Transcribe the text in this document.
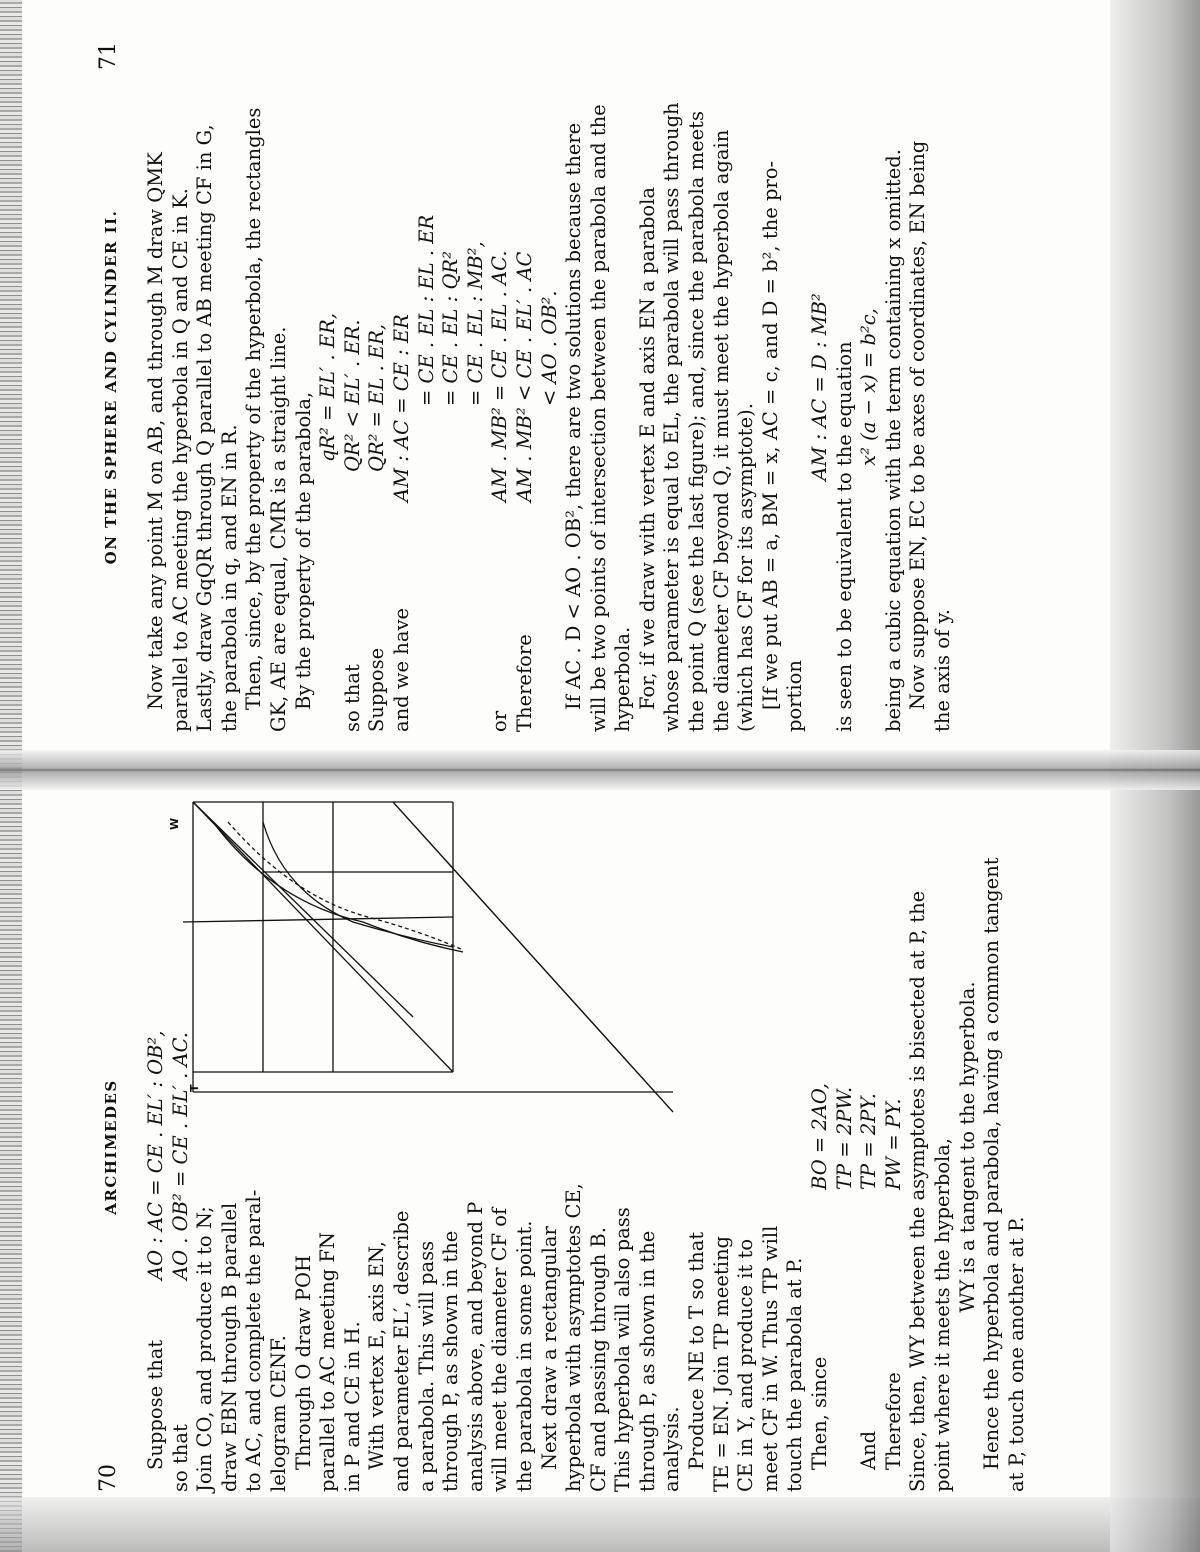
70
ARCHIMEDES
Suppose thatAO : AC = CE . EL′ : OB²,
so thatAO . OB² = CE . EL′ . AC.
Join CO, and produce it to N; draw EBN through B parallel to AC, and complete the paral- lelogram CENF. Through O draw POH parallel to AC meeting FN in P and CE in H. With vertex E, axis EN, and parameter EL′, describe a parabola. This will pass through P, as shown in the analysis above, and beyond P will meet the diameter CF of the parabola in some point. Next draw a rectangular hyperbola with asymptotes CE, CF and passing through B. This hyperbola will also pass through P, as shown in the analysis. Produce NE to T so that TE = EN. Join TP meeting CE in Y, and produce it to meet CF in W. Thus TP will touch the parabola at P.
W
T
Then, sinceBO = 2AO, TP = 2PW.
AndTP = 2PY.
ThereforePW = PY. Since, then, WY between the asymptotes is bisected at P, the point where it meets the hyperbola, WY is a tangent to the hyperbola. Hence the hyperbola and parabola, having a common tangent at P, touch one another at P.
ON THE SPHERE AND CYLINDER II.
71
Now take any point M on AB, and through M draw QMK parallel to AC meeting the hyperbola in Q and CE in K. Lastly, draw GqQR through Q parallel to AB meeting CF in G, the parabola in q, and EN in R. Then, since, by the property of the hyperbola, the rectangles GK, AE are equal, CMR is a straight line. By the property of the parabola,
qR² = EL′ . ER,
so thatQR² < EL′ . ER.
SupposeQR² = EL . ER,
and we haveAM : AC = CE : ER
= CE . EL : EL . ER = CE . EL : QR² = CE . EL : MB²,
orAM . MB² = CE . EL . AC.
ThereforeAM . MB² < CE . EL′ . AC < AO . OB². If AC . D < AO . OB², there are two solutions because there will be two points of intersection between the parabola and the hyperbola. For, if we draw with vertex E and axis EN a parabola whose parameter is equal to EL, the parabola will pass through the point Q (see the last figure); and, since the parabola meets the diameter CF beyond Q, it must meet the hyperbola again (which has CF for its asymptote). [If we put AB = a, BM = x, AC = c, and D = b², the pro- portion
AM : AC = D : MB² is seen to be equivalent to the equation x² (a − x) = b²c, being a cubic equation with the term containing x omitted. Now suppose EN, EC to be axes of coordinates, EN being the axis of y.
